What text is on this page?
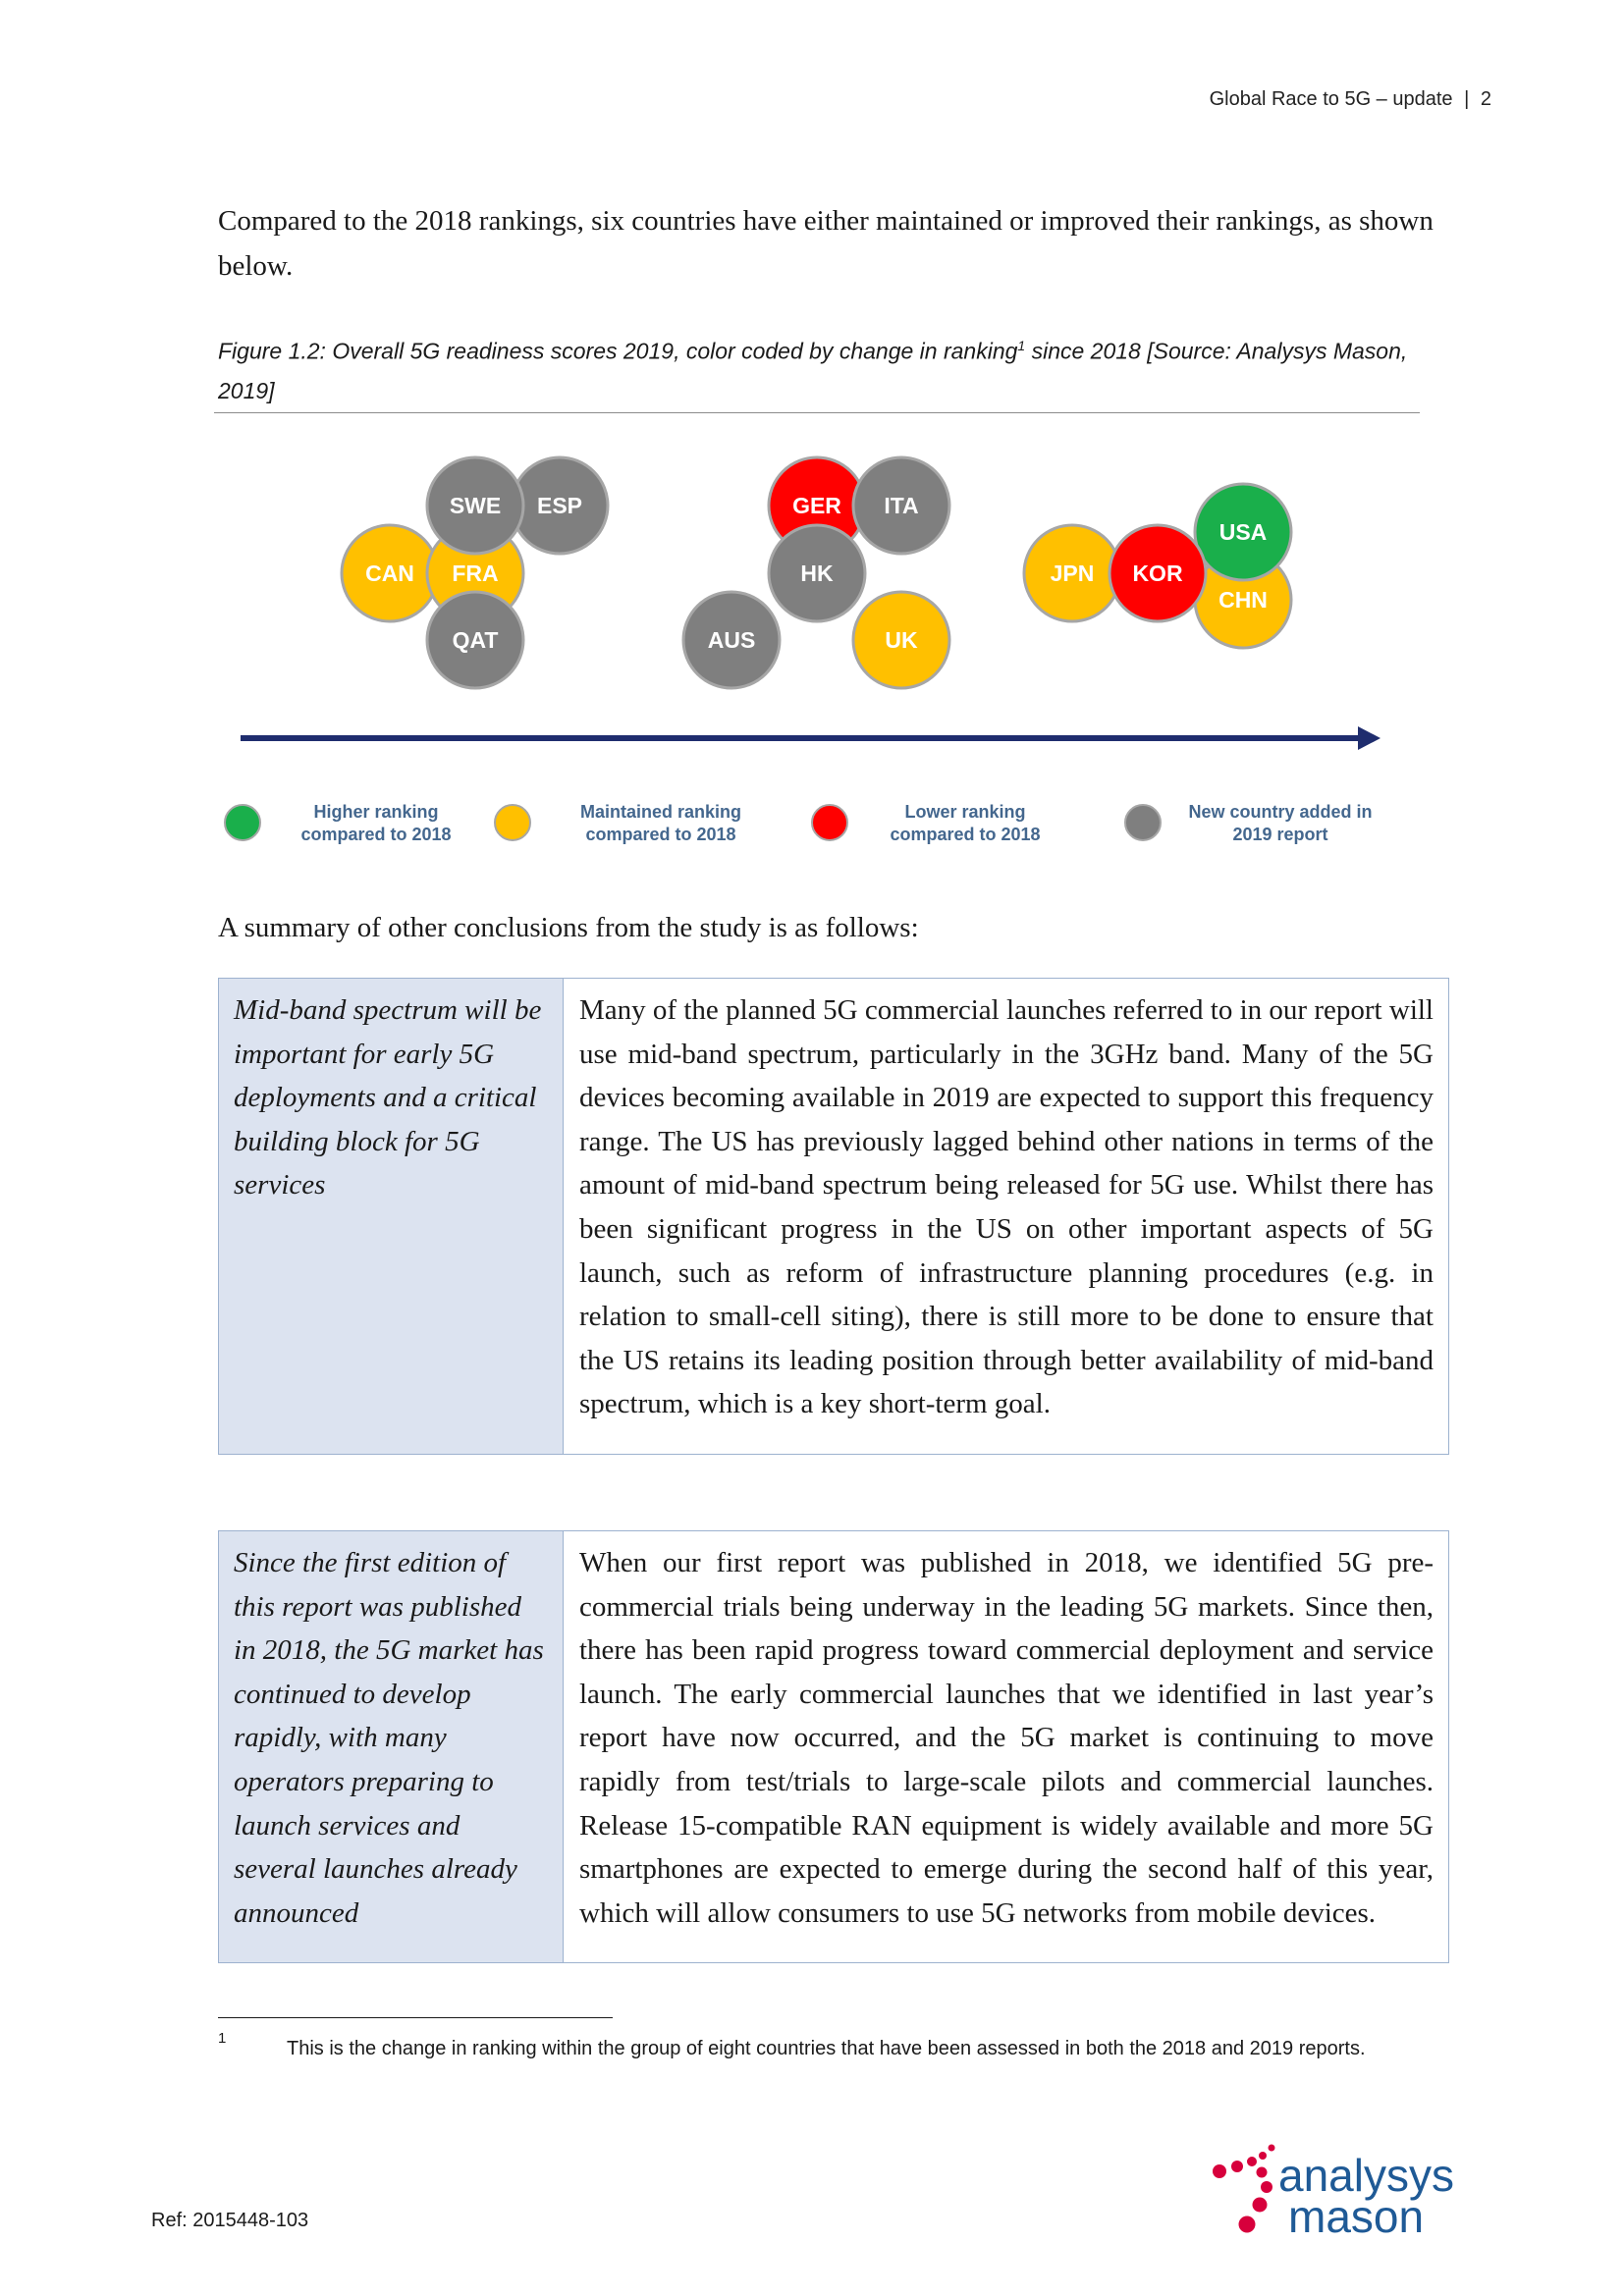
Global Race to 5G – update | 2

Compared to the 2018 rankings, six countries have either maintained or improved their rankings, as shown below.

Figure 1.2: Overall 5G readiness scores 2019, color coded by change in ranking$^1$ since 2018 [Source: Analysys Mason, 2019]
CAN
ESP
FRA
SWE
QAT
GER ITA
HK
AUS	UK
JPN
CHN
USA
KOR
Higher ranking
compared to 2018
Maintained ranking
compared to 2018
Lower ranking
compared to 2018
New country added in
2019 report

A summary of other conclusions from the study is as follows:

Mid-band spectrum will be important for early 5G deployments and a critical building block for 5G services	Many of the planned 5G commercial launches referred to in our report will use mid-band spectrum, particularly in the 3GHz band. Many of the 5G devices becoming available in 2019 are expected to support this frequency range. The US has previously lagged behind other nations in terms of the amount of mid-band spectrum being released for 5G use. Whilst there has been significant progress in the US on other important aspects of 5G launch, such as reform of infrastructure planning procedures (e.g. in relation to small-cell siting), there is still more to be done to ensure that the US retains its leading position through better availability of mid-band spectrum, which is a key short-term goal.
Since the first edition of this report was published in 2018, the 5G market has continued to develop rapidly, with many operators preparing to launch services and several launches already announced	When our first report was published in 2018, we identified 5G pre-commercial trials being underway in the leading 5G markets. Since then, there has been rapid progress toward commercial deployment and service launch. The early commercial launches that we identified in last year’s report have now occurred, and the 5G market is continuing to move rapidly from test/trials to large-scale pilots and commercial launches. Release 15-compatible RAN equipment is widely available and more 5G smartphones are expected to emerge during the second half of this year, which will allow consumers to use 5G networks from mobile devices.
1	This is the change in ranking within the group of eight countries that have been assessed in both the 2018 and 2019 reports.
Ref: 2015448-103
analysys
mason
